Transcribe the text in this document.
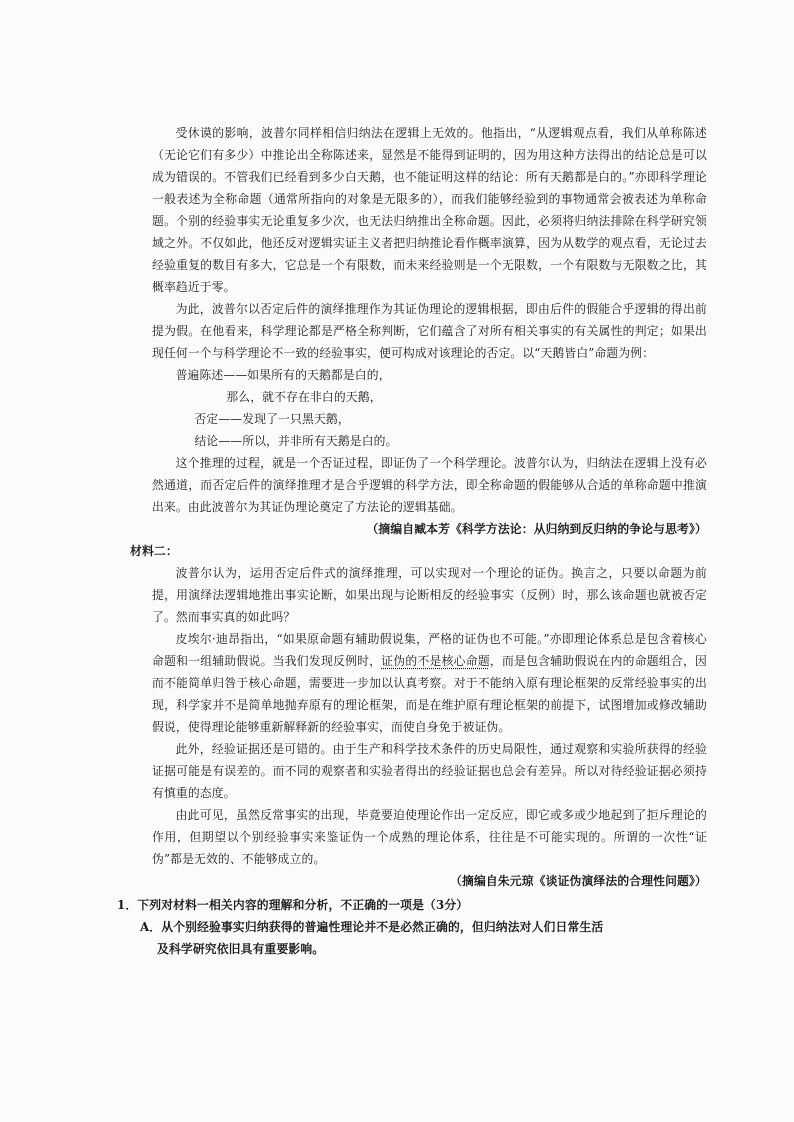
受休谟的影响，波普尔同样相信归纳法在逻辑上无效的。他指出，“从逻辑观点看，我们从单称陈述（无论它们有多少）中推论出全称陈述来，显然是不能得到证明的，因为用这种方法得出的结论总是可以成为错误的。不管我们已经看到多少白天鹅，也不能证明这样的结论：所有天鹅都是白的。”亦即科学理论一般表述为全称命题（通常所指向的对象是无限多的），而我们能够经验到的事物通常会被表述为单称命题。个别的经验事实无论重复多少次，也无法归纳推出全称命题。因此，必须将归纳法排除在科学研究领域之外。不仅如此，他还反对逻辑实证主义者把归纳推论看作概率演算，因为从数学的观点看，无论过去经验重复的数目有多大，它总是一个有限数，而未来经验则是一个无限数，一个有限数与无限数之比，其概率趋近于零。

为此，波普尔以否定后件的演绎推理作为其证伪理论的逻辑根据，即由后件的假能合乎逻辑的得出前提为假。在他看来，科学理论都是严格全称判断，它们蕴含了对所有相关事实的有关属性的判定；如果出现任何一个与科学理论不一致的经验事实，便可构成对该理论的否定。以“天鹅皆白”命题为例：

普遍陈述——如果所有的天鹅都是白的，

那么，就不存在非白的天鹅，

否定——发现了一只黑天鹅，

结论——所以，并非所有天鹅是白的。

这个推理的过程，就是一个否证过程，即证伪了一个科学理论。波普尔认为，归纳法在逻辑上没有必然通道，而否定后件的演绎推理才是合乎逻辑的科学方法，即全称命题的假能够从合适的单称命题中推演出来。由此波普尔为其证伪理论奠定了方法论的逻辑基础。

（摘编自臧本芳《科学方法论：从归纳到反归纳的争论与思考》）

材料二：

波普尔认为，运用否定后件式的演绎推理，可以实现对一个理论的证伪。换言之，只要以命题为前提，用演绎法逻辑地推出事实论断，如果出现与论断相反的经验事实（反例）时，那么该命题也就被否定了。然而事实真的如此吗？

皮埃尔·迪昂指出，“如果原命题有辅助假说集，严格的证伪也不可能。”亦即理论体系总是包含着核心命题和一组辅助假说。当我们发现反例时，证伪的不是核心命题，而是包含辅助假说在内的命题组合，因而不能简单归咎于核心命题，需要进一步加以认真考察。对于不能纳入原有理论框架的反常经验事实的出现，科学家并不是简单地抛弃原有的理论框架，而是在维护原有理论框架的前提下，试图增加或修改辅助假说，使得理论能够重新解释新的经验事实，而使自身免于被证伪。

此外，经验证据还是可错的。由于生产和科学技术条件的历史局限性，通过观察和实验所获得的经验证据可能是有误差的。而不同的观察者和实验者得出的经验证据也总会有差异。所以对待经验证据必须持有慎重的态度。

由此可见，虽然反常事实的出现，毕竟要迫使理论作出一定反应，即它或多或少地起到了拒斥理论的作用，但期望以个别经验事实来鉴证伪一个成熟的理论体系，往往是不可能实现的。所谓的一次性“证伪”都是无效的、不能够成立的。

（摘编自朱元琼《谈证伪演绎法的合理性问题》）

1．下列对材料一相关内容的理解和分析，不正确的一项是（3分）

A．从个别经验事实归纳获得的普遍性理论并不是必然正确的，但归纳法对人们日常生活

及科学研究依旧具有重要影响。
